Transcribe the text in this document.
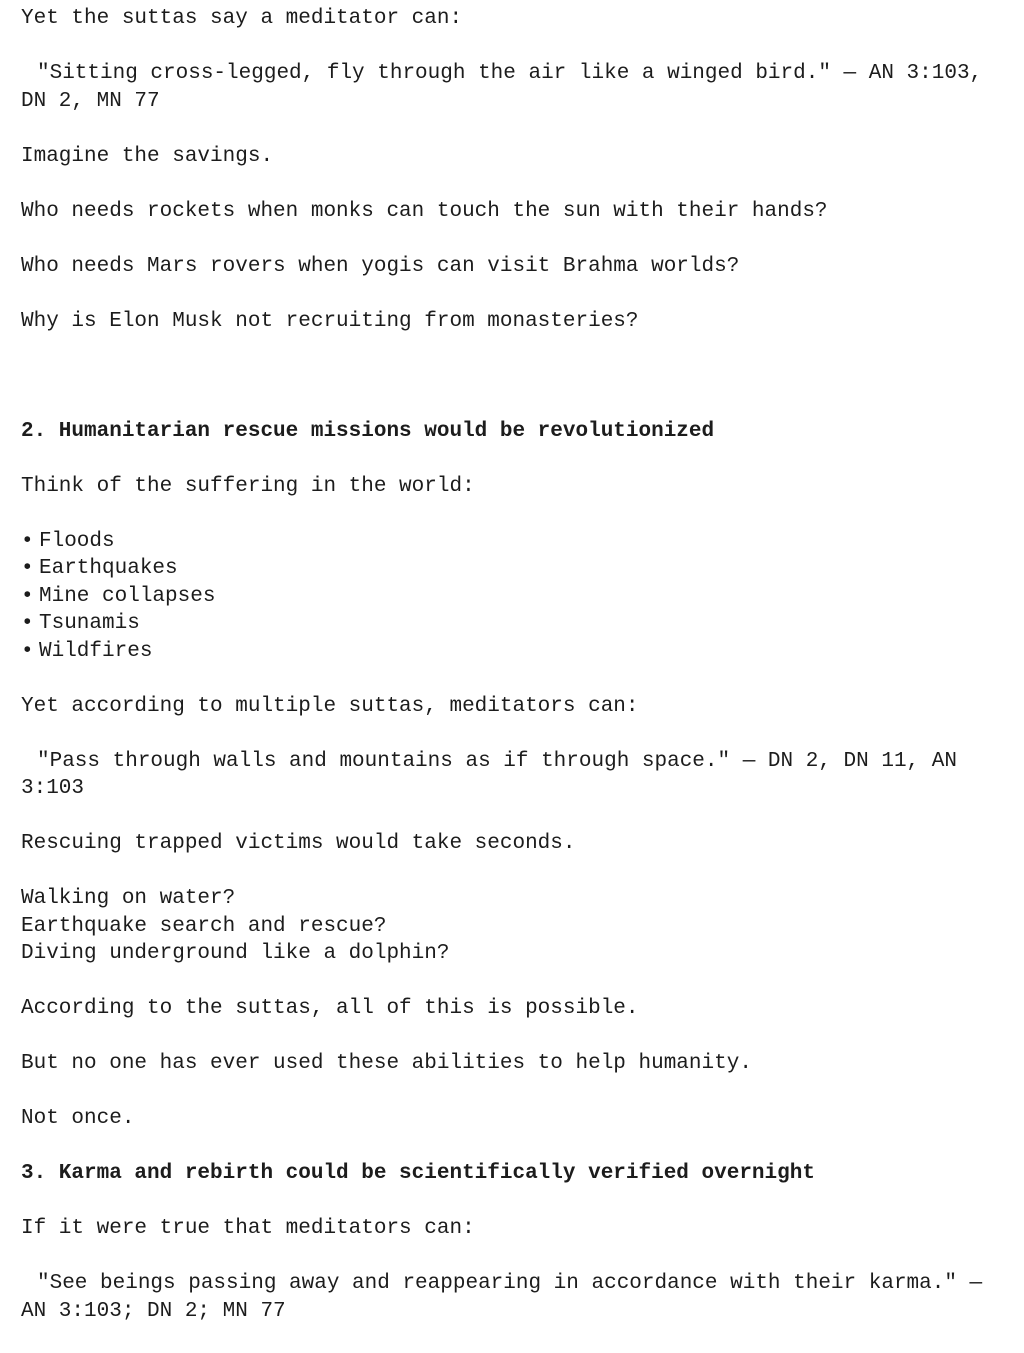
Yet the suttas say a meditator can:

"Sitting cross-legged, fly through the air like a winged bird." — AN 3:103, DN 2, MN 77

Imagine the savings.

Who needs rockets when monks can touch the sun with their hands?

Who needs Mars rovers when yogis can visit Brahma worlds?

Why is Elon Musk not recruiting from monasteries?

2. Humanitarian rescue missions would be revolutionized

Think of the suffering in the world:

• Floods
• Earthquakes
• Mine collapses
• Tsunamis
• Wildfires

Yet according to multiple suttas, meditators can:

"Pass through walls and mountains as if through space." — DN 2, DN 11, AN 3:103

Rescuing trapped victims would take seconds.

Walking on water?
Earthquake search and rescue?
Diving underground like a dolphin?

According to the suttas, all of this is possible.

But no one has ever used these abilities to help humanity.

Not once.

3. Karma and rebirth could be scientifically verified overnight

If it were true that meditators can:

"See beings passing away and reappearing in accordance with their karma." — AN 3:103; DN 2; MN 77
